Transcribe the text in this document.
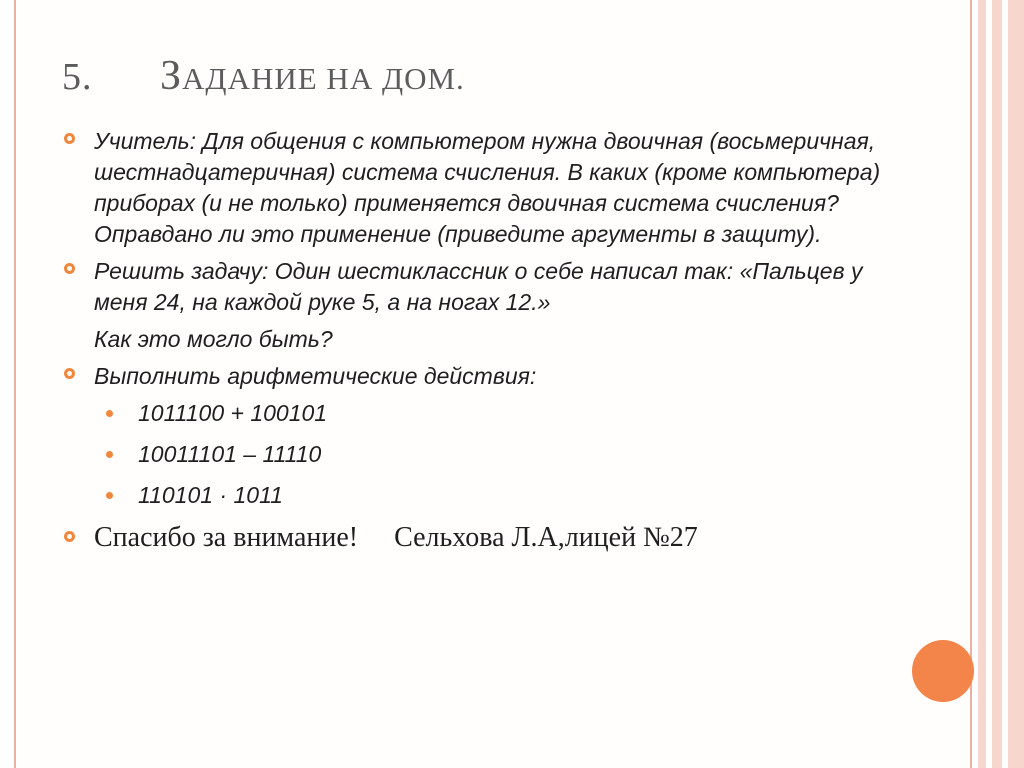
5. ЗАДАНИЕ НА ДОМ.
Учитель: Для общения с компьютером нужна двоичная (восьмеричная, шестнадцатеричная) система счисления. В каких (кроме компьютера) приборах (и не только) применяется двоичная система счисления? Оправдано ли это применение (приведите аргументы в защиту).
Решить задачу: Один шестиклассник о себе написал так: «Пальцев у меня 24, на каждой руке 5, а на ногах 12.»
Как это могло быть?
Выполнить арифметические действия:
1011100 + 100101
10011101 – 11110
110101 · 1011
Спасибо за внимание! Сельхова Л.А,лицей №27
